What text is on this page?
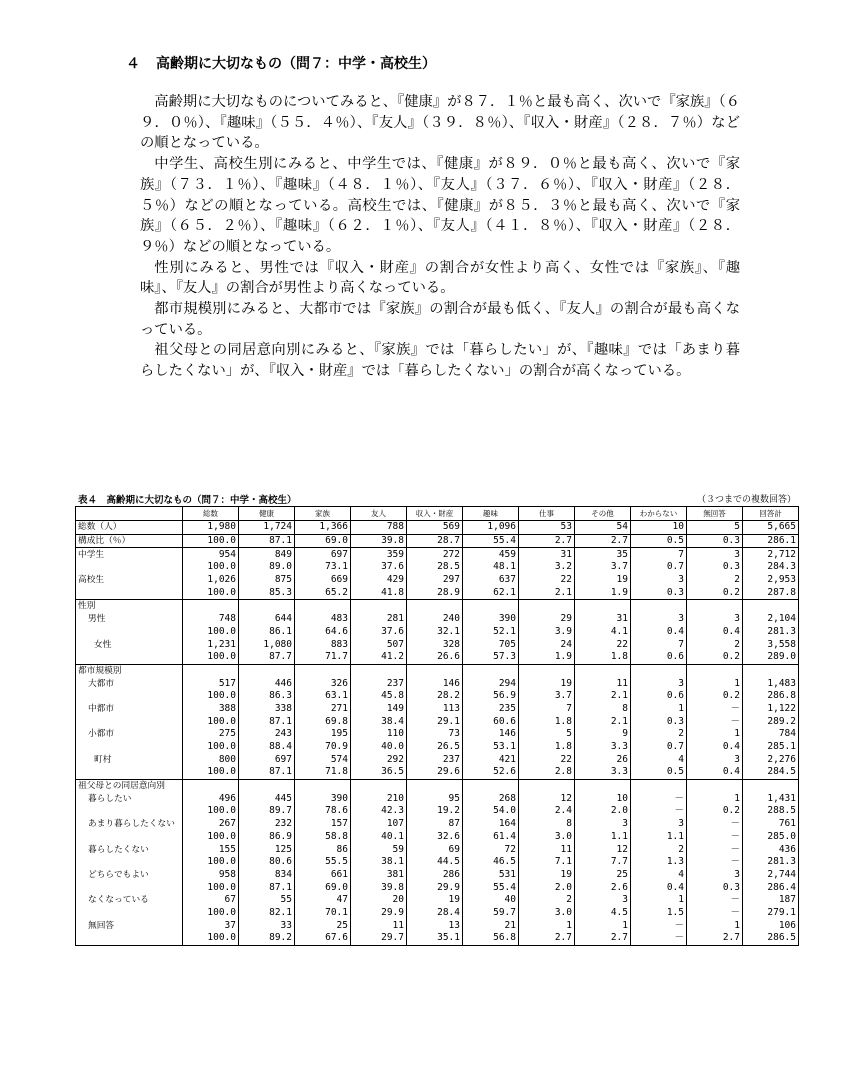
４ 高齢期に大切なもの（問７：中学・高校生）

高齢期に大切なものについてみると、『健康』が８７．１％と最も高く、次いで『家族』（６９．０％）、『趣味』（５５．４％）、『友人』（３９．８％）、『収入・財産』（２８．７％）などの順となっている。

中学生、高校生別にみると、中学生では、『健康』が８９．０％と最も高く、次いで『家族』（７３．１％）、『趣味』（４８．１％）、『友人』（３７．６％）、『収入・財産』（２８．５％）などの順となっている。高校生では、『健康』が８５．３％と最も高く、次いで『家族』（６５．２％）、『趣味』（６２．１％）、『友人』（４１．８％）、『収入・財産』（２８．９％）などの順となっている。

性別にみると、男性では『収入・財産』の割合が女性より高く、女性では『家族』、『趣味』、『友人』の割合が男性より高くなっている。

都市規模別にみると、大都市では『家族』の割合が最も低く、『友人』の割合が最も高くなっている。

祖父母との同居意向別にみると、『家族』では「暮らしたい」が、『趣味』では「あまり暮らしたくない」が、『収入・財産』では「暮らしたくない」の割合が高くなっている。

表４　高齢期に大切なもの（問７：中学・高校生）	（３つまでの複数回答）
	総数	健康	家族	友人	収入・財産	趣味	仕事	その他	わからない	無回答	回答計
総数（人）	1,980	1,724	1,366	788	569	1,096	53	54	10	5	5,665
構成比（％）	100.0	87.1	69.0	39.8	28.7	55.4	2.7	2.7	0.5	0.3	286.1
中学生	954	849	697	359	272	459	31	35	7	3	2,712
	100.0	89.0	73.1	37.6	28.5	48.1	3.2	3.7	0.7	0.3	284.3
高校生	1,026	875	669	429	297	637	22	19	3	2	2,953
	100.0	85.3	65.2	41.8	28.9	62.1	2.1	1.9	0.3	0.2	287.8
性別											
男性	748	644	483	281	240	390	29	31	3	3	2,104
	100.0	86.1	64.6	37.6	32.1	52.1	3.9	4.1	0.4	0.4	281.3
女性	1,231	1,080	883	507	328	705	24	22	7	2	3,558
	100.0	87.7	71.7	41.2	26.6	57.3	1.9	1.8	0.6	0.2	289.0
都市規模別											
大都市	517	446	326	237	146	294	19	11	3	1	1,483
	100.0	86.3	63.1	45.8	28.2	56.9	3.7	2.1	0.6	0.2	286.8
中都市	388	338	271	149	113	235	7	8	1	－	1,122
	100.0	87.1	69.8	38.4	29.1	60.6	1.8	2.1	0.3	－	289.2
小都市	275	243	195	110	73	146	5	9	2	1	784
	100.0	88.4	70.9	40.0	26.5	53.1	1.8	3.3	0.7	0.4	285.1
町村	800	697	574	292	237	421	22	26	4	3	2,276
	100.0	87.1	71.8	36.5	29.6	52.6	2.8	3.3	0.5	0.4	284.5
祖父母との同居意向別											
暮らしたい	496	445	390	210	95	268	12	10	－	1	1,431
	100.0	89.7	78.6	42.3	19.2	54.0	2.4	2.0	－	0.2	288.5
あまり暮らしたくない	267	232	157	107	87	164	8	3	3	－	761
	100.0	86.9	58.8	40.1	32.6	61.4	3.0	1.1	1.1	－	285.0
暮らしたくない	155	125	86	59	69	72	11	12	2	－	436
	100.0	80.6	55.5	38.1	44.5	46.5	7.1	7.7	1.3	－	281.3
どちらでもよい	958	834	661	381	286	531	19	25	4	3	2,744
	100.0	87.1	69.0	39.8	29.9	55.4	2.0	2.6	0.4	0.3	286.4
なくなっている	67	55	47	20	19	40	2	3	1	－	187
	100.0	82.1	70.1	29.9	28.4	59.7	3.0	4.5	1.5	－	279.1
無回答	37	33	25	11	13	21	1	1	－	1	106
	100.0	89.2	67.6	29.7	35.1	56.8	2.7	2.7	－	2.7	286.5
